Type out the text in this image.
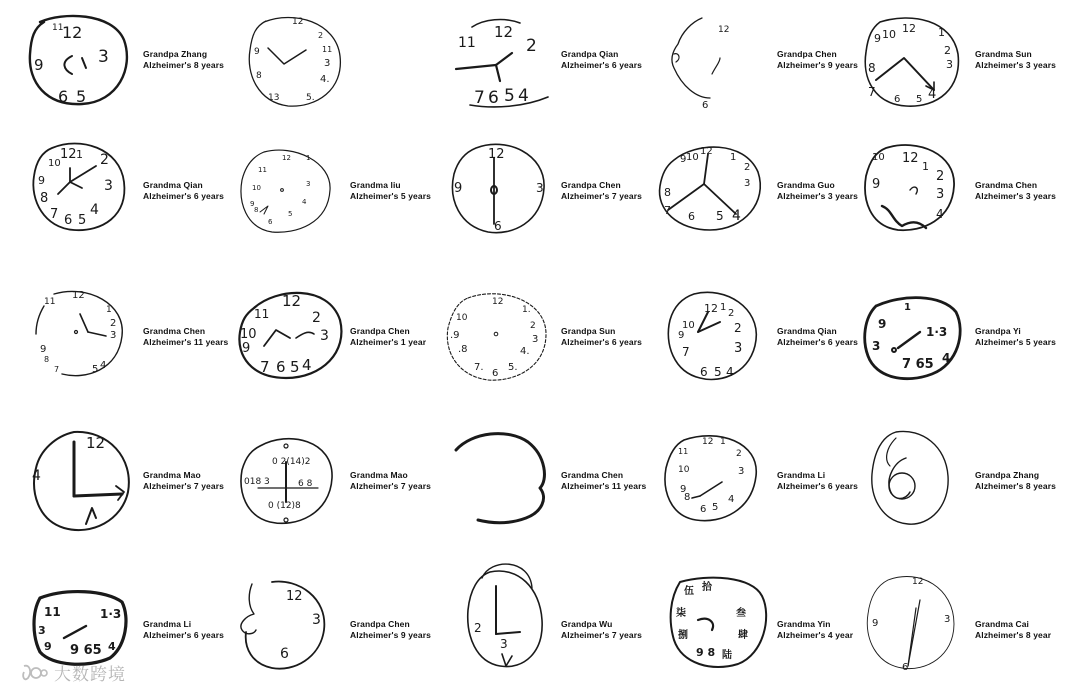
12
11
3
9
6 5
12
2
11
3
4.
5.
13
8
9
11
12
2
7 6 5 4
12
6
9 10 12 1
2
3
8
7
6 5 4
10
12 1 2
3
4
5
6
7
8
9
12 1
11
10
9
8
6
5
4
3
12
9	3
6
9 10
12
1
2
3
8
7 6 5 4
10 12
1
2
3
4
9
11
12
1
2
3
5 4
9
8
7
12
11	2
3
10
9
7 6 5 4
12
1.
2
3
4.
5.
6
7.
.8
.9
10
12 1
2
2
3
10
9
7
6 5 4
9
1
1·3
3
7 65 4
12
4
0 2(14)2
018 3	6 8
0 (12)8
12 1
11
10
2
3
9
8
6 5
4
11	1·3
3
9 9 65 4
12
3
6
2
3
伍 拾
柒	叁
捌	肆
9 8 陆
12
3
9
6
Grandpa Zhang
Alzheimer's 8 years
Grandpa Qian
Alzheimer's 6 years
Grandpa Chen
Alzheimer's 9 years
Grandma Sun
Alzheimer's 3 years
Grandma Qian
Alzheimer's 6 years
Grandma liu
Alzheimer's 5 years
Grandpa Chen
Alzheimer's 7 years
Grandma Guo
Alzheimer's 3 years
Grandma Chen
Alzheimer's 3 years
Grandma Chen
Alzheimer's 11 years
Grandpa Chen
Alzheimer's 1 year
Grandpa Sun
Alzheimer's 6 years
Grandma Qian
Alzheimer's 6 years
Grandpa Yi
Alzheimer's 5 years
Grandma Mao
Alzheimer's 7 years
Grandma Mao
Alzheimer's 7 years
Grandma Chen
Alzheimer's 11 years
Grandma Li
Alzheimer's 6 years
Grandpa Zhang
Alzheimer's 8 years
Grandma Li
Alzheimer's 6 years
Grandpa Chen
Alzheimer's 9 years
Grandpa Wu
Alzheimer's 7 years
Grandma Yin
Alzheimer's 4 year
Grandma Cai
Alzheimer's 8 year
大数跨境
